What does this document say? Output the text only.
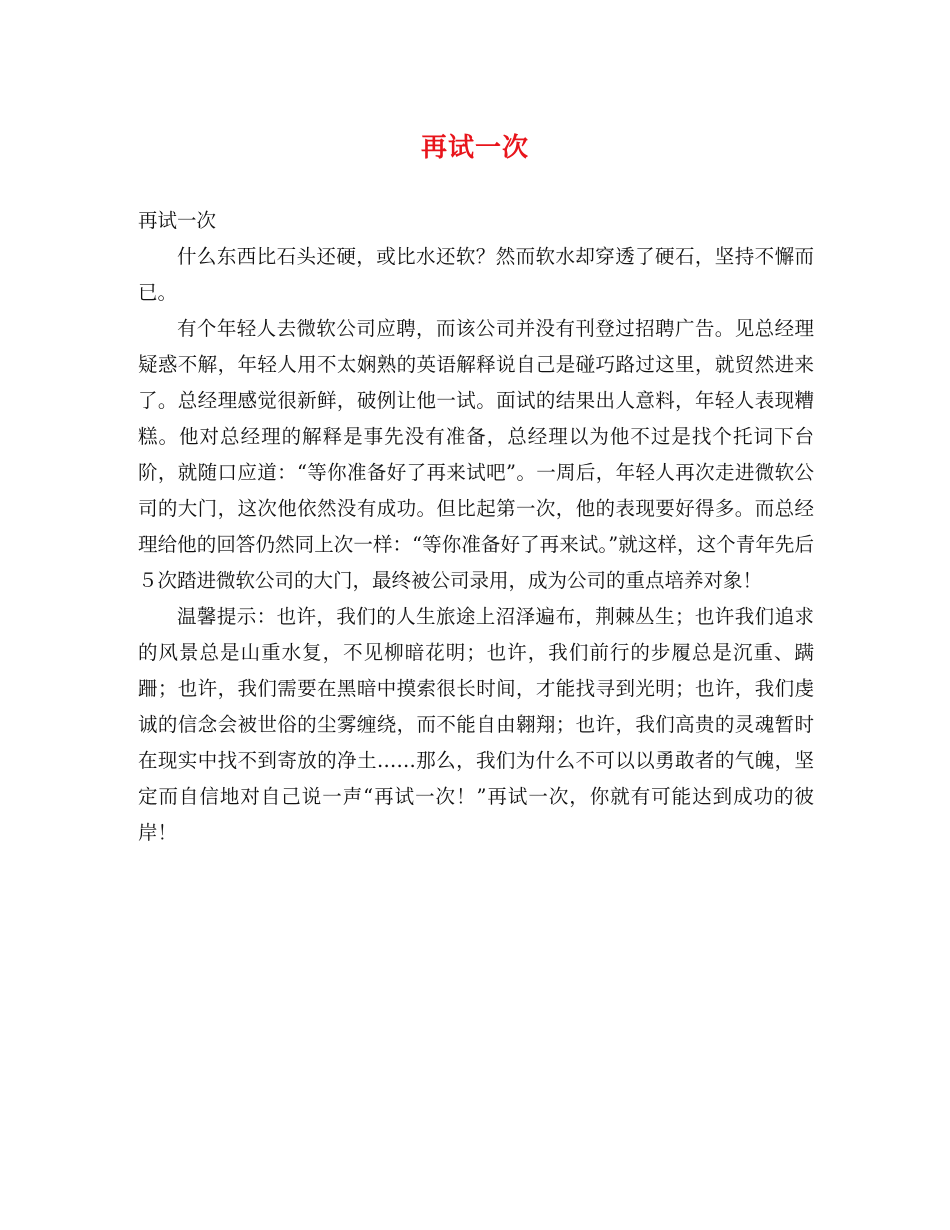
再试一次

再试一次

什么东西比石头还硬，或比水还软？然而软水却穿透了硬石，坚持不懈而已。

有个年轻人去微软公司应聘，而该公司并没有刊登过招聘广告。见总经理疑惑不解，年轻人用不太娴熟的英语解释说自己是碰巧路过这里，就贸然进来了。总经理感觉很新鲜，破例让他一试。面试的结果出人意料，年轻人表现糟糕。他对总经理的解释是事先没有准备，总经理以为他不过是找个托词下台阶，就随口应道：“等你准备好了再来试吧”。一周后，年轻人再次走进微软公司的大门，这次他依然没有成功。但比起第一次，他的表现要好得多。而总经理给他的回答仍然同上次一样：“等你准备好了再来试。”就这样，这个青年先后５次踏进微软公司的大门，最终被公司录用，成为公司的重点培养对象！

温馨提示：也许，我们的人生旅途上沼泽遍布，荆棘丛生；也许我们追求的风景总是山重水复，不见柳暗花明；也许，我们前行的步履总是沉重、蹒跚；也许，我们需要在黑暗中摸索很长时间，才能找寻到光明；也许，我们虔诚的信念会被世俗的尘雾缠绕，而不能自由翱翔；也许，我们高贵的灵魂暂时在现实中找不到寄放的净土……那么，我们为什么不可以以勇敢者的气魄，坚定而自信地对自己说一声“再试一次！”再试一次，你就有可能达到成功的彼岸！
